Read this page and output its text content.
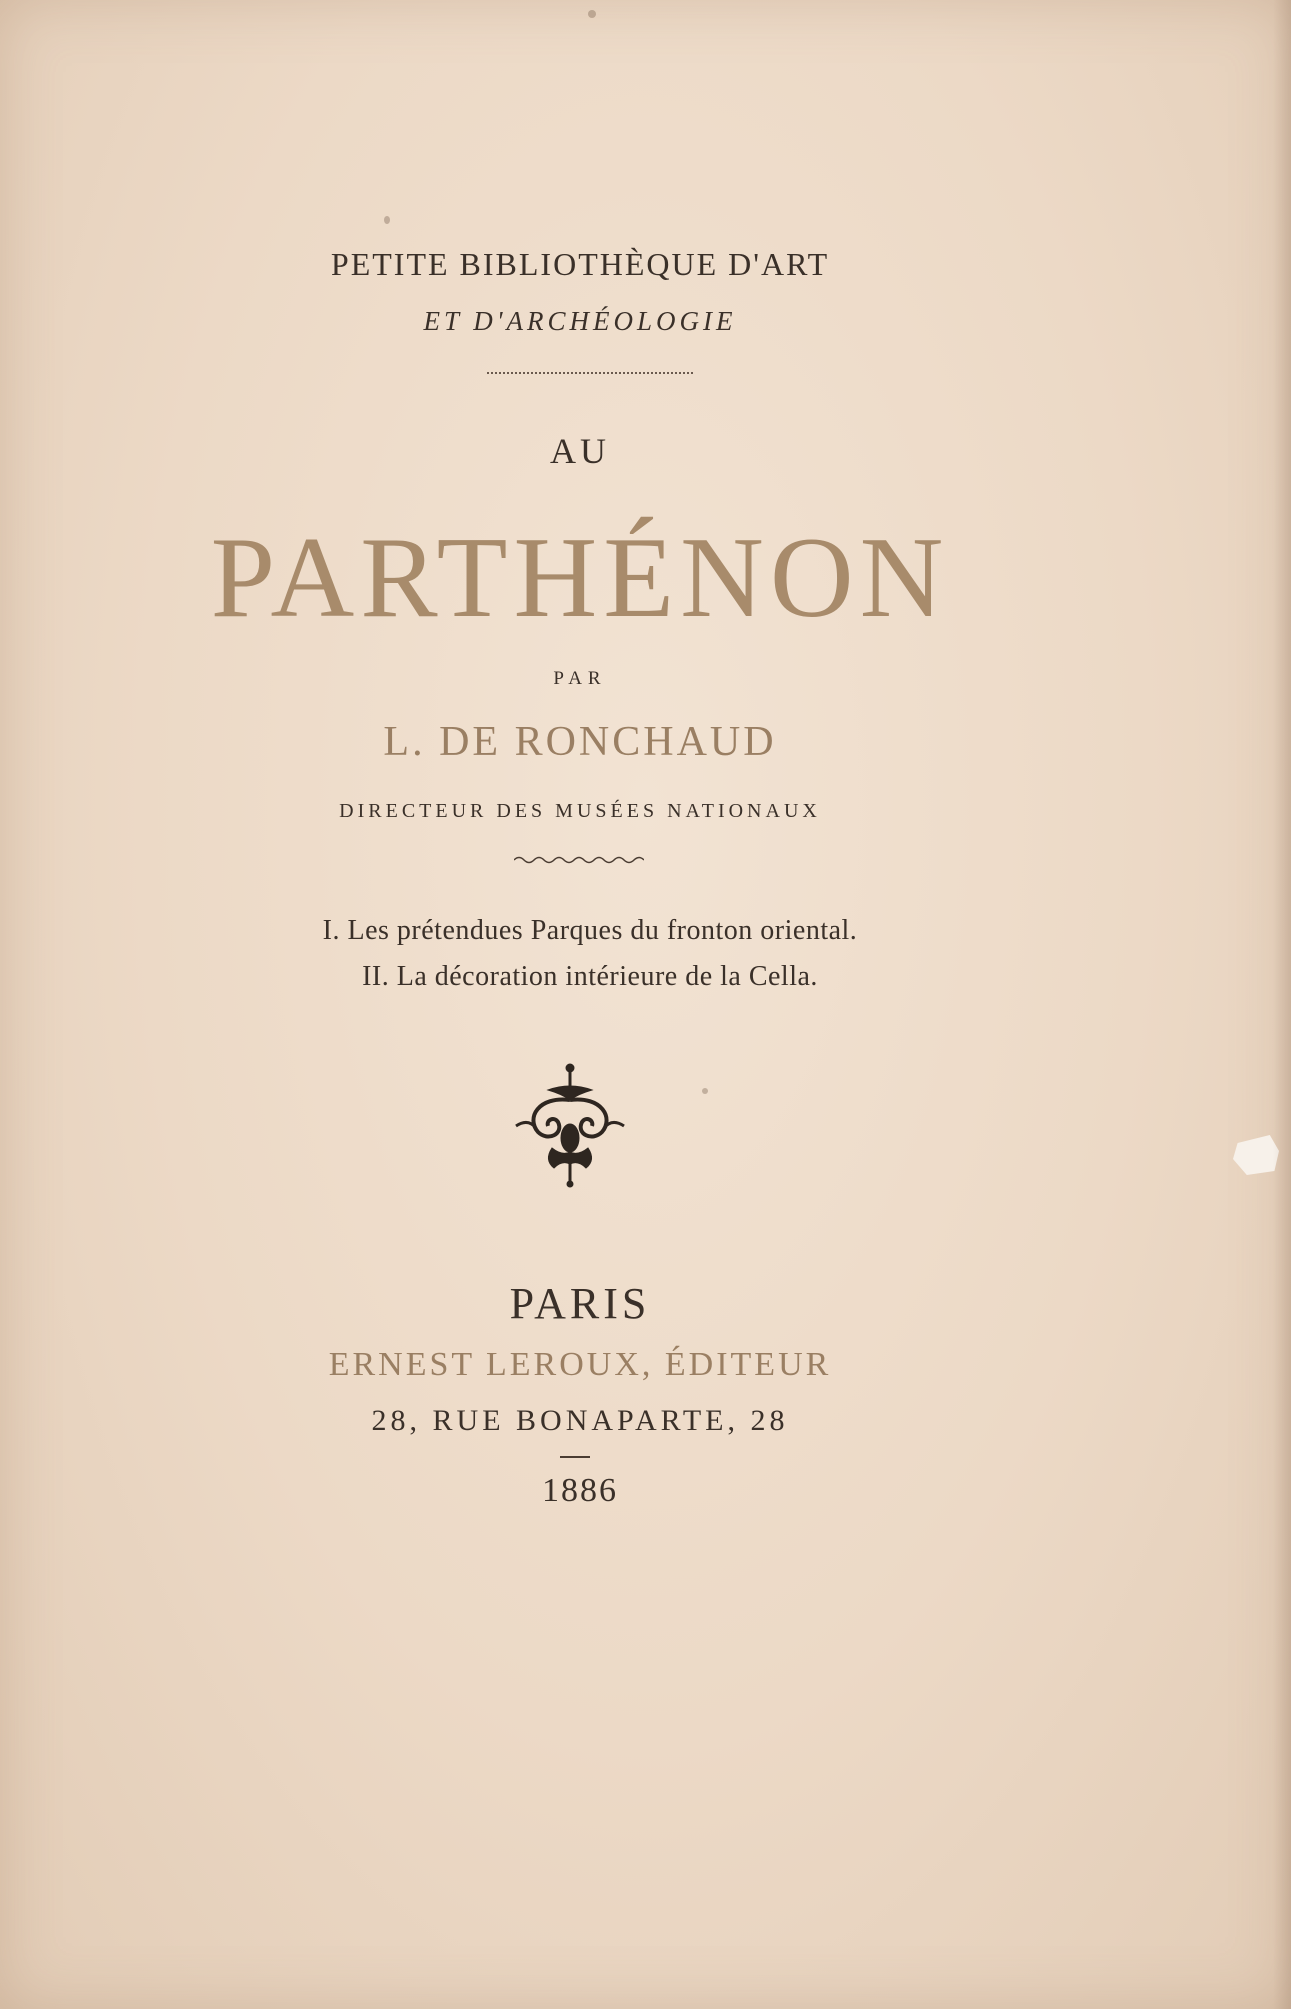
PETITE BIBLIOTHÈQUE D'ART
ET D'ARCHÉOLOGIE
AU
PARTHÉNON
PAR
L. DE RONCHAUD
DIRECTEUR DES MUSÉES NATIONAUX
I. Les prétendues Parques du fronton oriental.
II. La décoration intérieure de la Cella.
PARIS
ERNEST LEROUX, ÉDITEUR
28, RUE BONAPARTE, 28
1886
